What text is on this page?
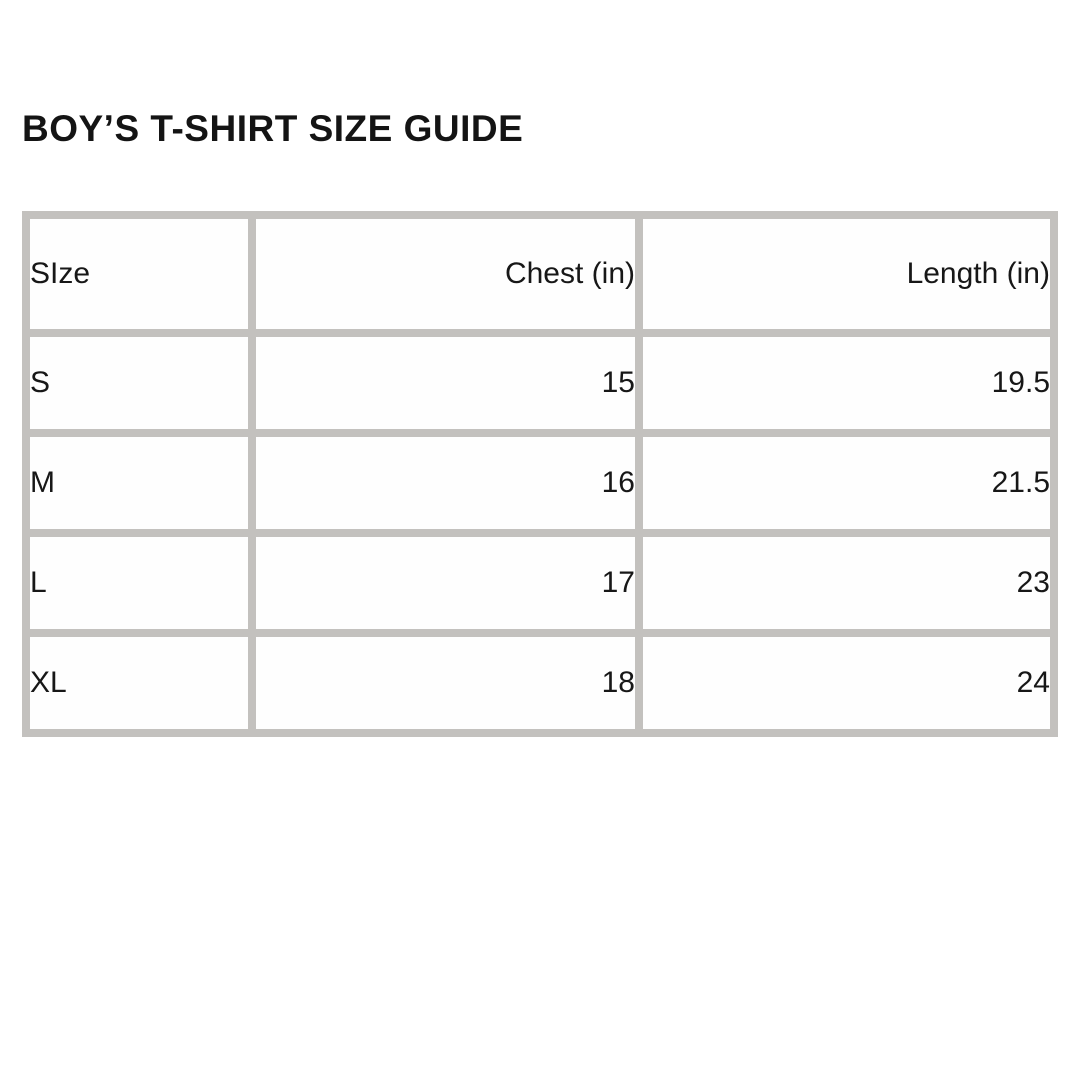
BOY’S T-SHIRT SIZE GUIDE
SIze	Chest (in)	Length (in)
S	15	19.5
M	16	21.5
L	17	23
XL	18	24
